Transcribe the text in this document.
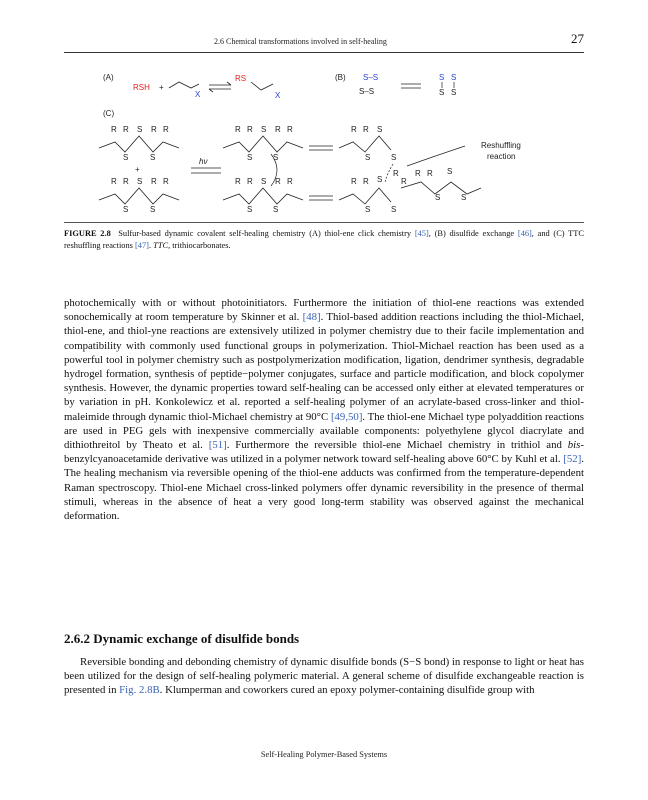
2.6 Chemical transformations involved in self-healing	27
(A)
RSH +
X
RS
X
(B) S–S
S–S
S S
S S
(C)
R R S R R
S	S
+
R R S R R
S	S
hν
R R S R R
S	S
R R S R R
S	S
R R S
S	S
R R S
S	S
R
R
R R S
S	S
Reshuffling
reaction
FIGURE 2.8 Sulfur-based dynamic covalent self-healing chemistry (A) thiol-ene click chemistry [45], (B) disulfide exchange [46], and (C) TTC reshuffling reactions [47]. TTC, trithiocarbonates.

photochemically with or without photoinitiators. Furthermore the initiation of thiol-ene reactions was extended sonochemically at room temperature by Skinner et al. [48]. Thiol-based addition reactions including the thiol-Michael, thiol-ene, and thiol-yne reactions are extensively utilized in polymer chemistry due to their facile implementation and compatibility with commonly used functional groups in polymerization. Thiol-Michael reaction has been used as a powerful tool in polymer chemistry such as postpolymerization modification, ligation, dendrimer synthesis, degradable hydrogel formation, synthesis of peptide−polymer conjugates, surface and particle modification, and block copolymer synthesis. However, the dynamic properties toward self-healing can be accessed only either at elevated temperatures or by variation in pH. Konkolewicz et al. reported a self-healing polymer of an acrylate-based cross-linker and thiol-maleimide through dynamic thiol-Michael chemistry at 90°C [49,50]. The thiol-ene Michael type polyaddition reactions are used in PEG gels with inexpensive commercially available components: polyethylene glycol diacrylate and dithiothreitol by Theato et al. [51]. Furthermore the reversible thiol-ene Michael chemistry in trithiol and bis-benzylcyanoacetamide derivative was utilized in a polymer network toward self-healing above 60°C by Kuhl et al. [52]. The healing mechanism via reversible opening of the thiol-ene adducts was confirmed from the temperature-dependent Raman spectroscopy. Thiol-ene Michael cross-linked polymers offer dynamic reversibility in the presence of thermal stimuli, whereas in the absence of heat a very good long-term stability was observed against the mechanical deformation.

2.6.2 Dynamic exchange of disulfide bonds

Reversible bonding and debonding chemistry of dynamic disulfide bonds (S−S bond) in response to light or heat has been utilized for the design of self-healing polymeric material. A general scheme of disulfide exchangeable reaction is presented in Fig. 2.8B. Klumperman and coworkers cured an epoxy polymer-containing disulfide group with

Self-Healing Polymer-Based Systems
